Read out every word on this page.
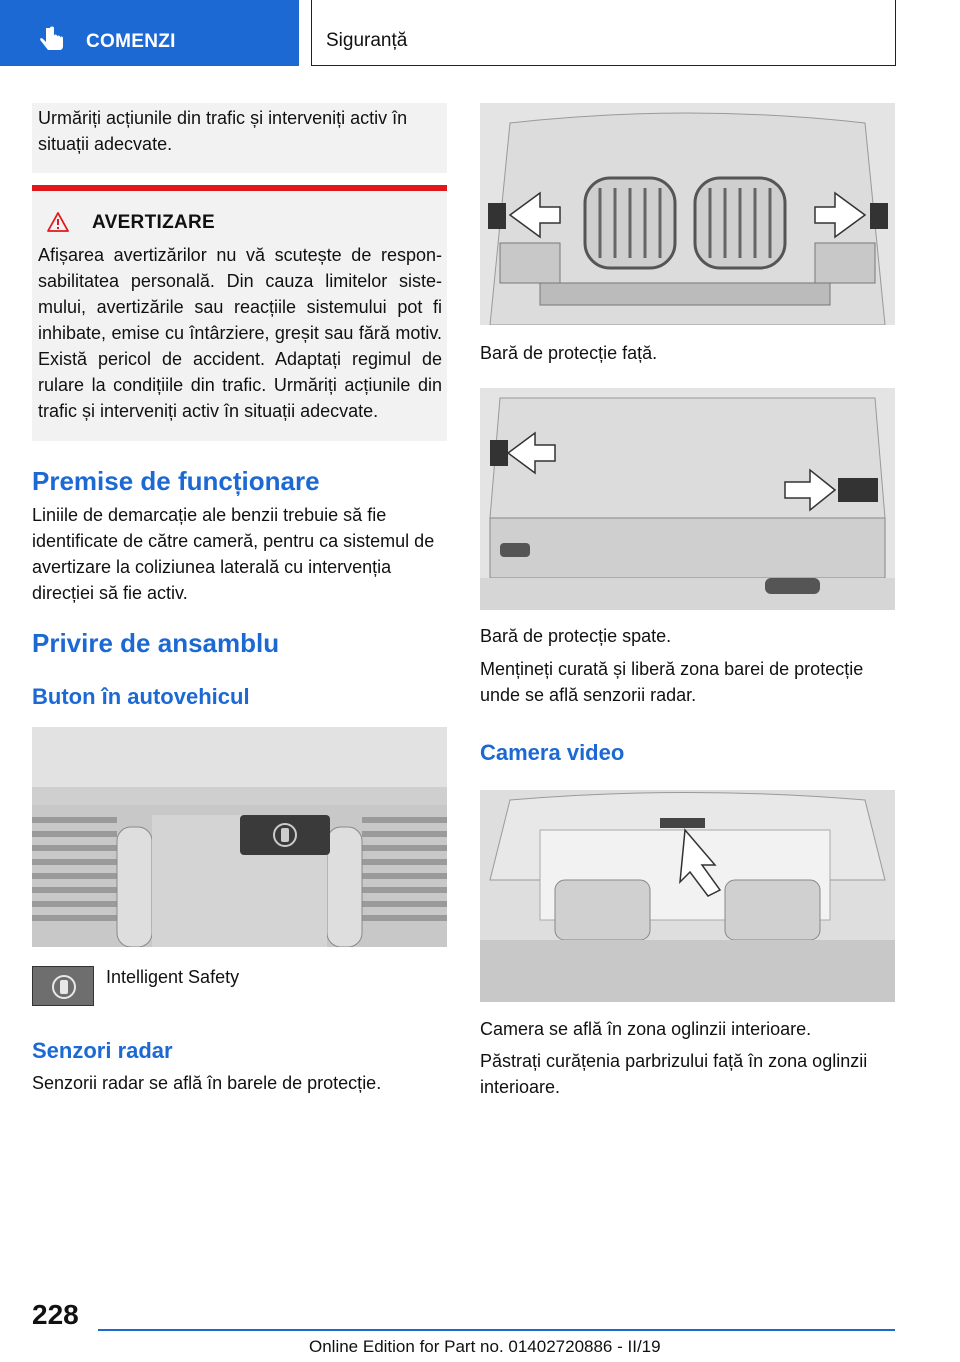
COMENZI	Siguranță

Urmăriți acțiunile din trafic și interveniți activ în situații adecvate.

AVERTIZARE

Afișarea avertizărilor nu vă scutește de responsabilitatea personală. Din cauza limitelor sistemului, avertizările sau reacțiile sistemului pot fi inhibate, emise cu întârziere, greșit sau fără motiv. Există pericol de accident. Adaptați regimul de rulare la condițiile din trafic. Urmăriți acțiunile din trafic și interveniți activ în situații adecvate.

Premise de funcționare

Liniile de demarcație ale benzii trebuie să fie identificate de către cameră, pentru ca sistemul de avertizare la coliziunea laterală cu intervenția direcției să fie activ.

Privire de ansamblu
Buton în autovehicul
Intelligent Safety
Senzori radar

Senzorii radar se află în barele de protecție.

Bară de protecție față.

Bară de protecție spate.

Mențineți curată și liberă zona barei de protecție unde se află senzorii radar.

Camera video

Camera se află în zona oglinzii interioare.

Păstrați curățenia parbrizului față în zona oglinzii interioare.

228
Online Edition for Part no. 01402720886 - II/19
